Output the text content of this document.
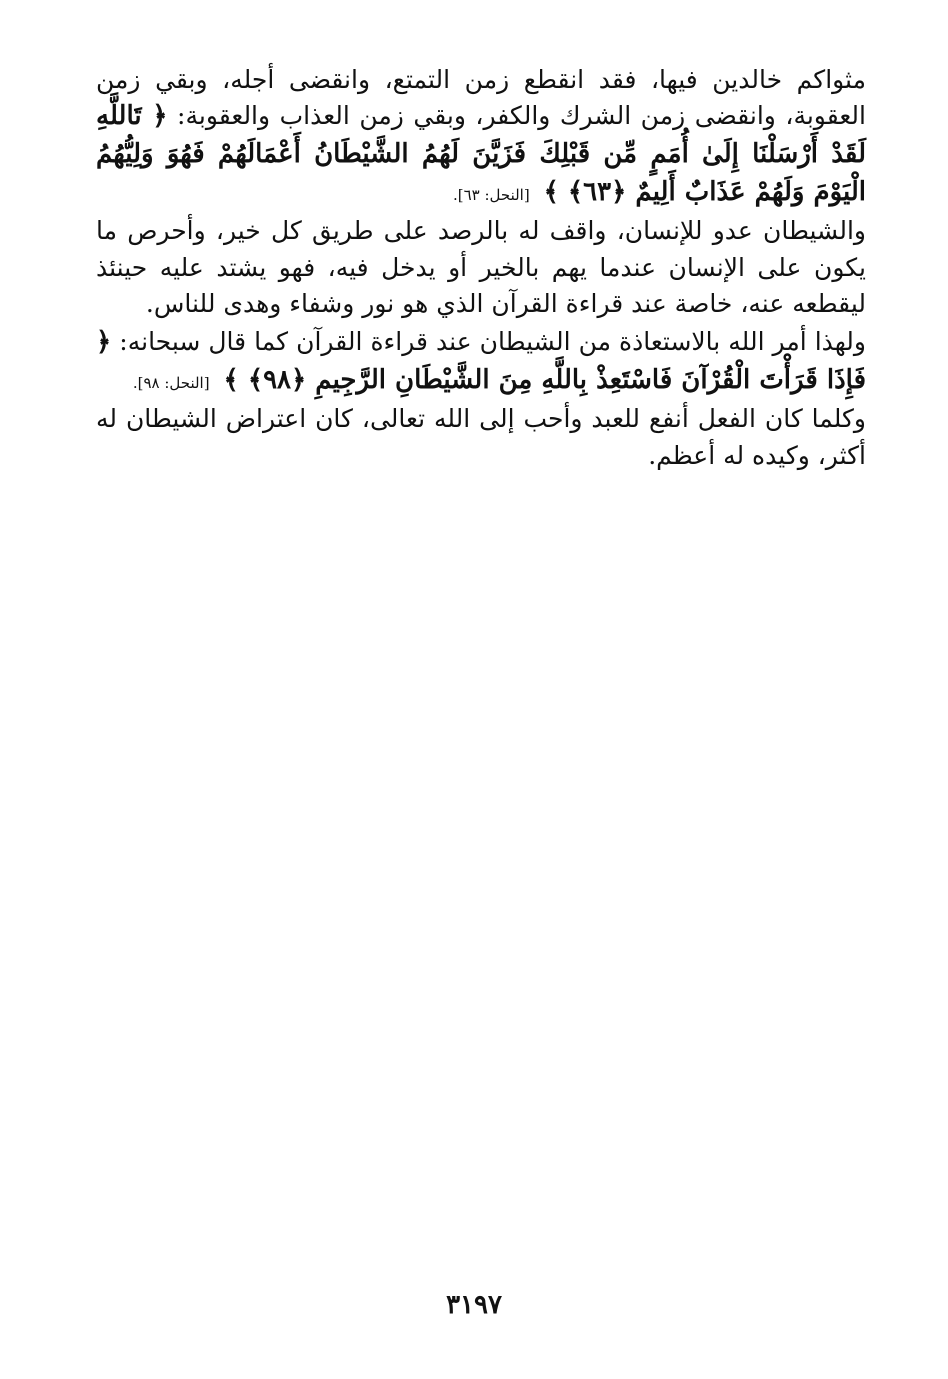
مثواكم خالدين فيها، فقد انقطع زمن التمتع، وانقضى أجله، وبقي زمن العقوبة، وانقضى زمن الشرك والكفر، وبقي زمن العذاب والعقوبة: ﴿ تَاللَّهِ لَقَدْ أَرْسَلْنَا إِلَىٰ أُمَمٍ مِّن قَبْلِكَ فَزَيَّنَ لَهُمُ الشَّيْطَانُ أَعْمَالَهُمْ فَهُوَ وَلِيُّهُمُ الْيَوْمَ وَلَهُمْ عَذَابٌ أَلِيمٌ ﴿٦٣﴾ ﴾ [النحل: ٦٣].

والشيطان عدو للإنسان، واقف له بالرصد على طريق كل خير، وأحرص ما يكون على الإنسان عندما يهم بالخير أو يدخل فيه، فهو يشتد عليه حينئذ ليقطعه عنه، خاصة عند قراءة القرآن الذي هو نور وشفاء وهدى للناس.

ولهذا أمر الله بالاستعاذة من الشيطان عند قراءة القرآن كما قال سبحانه: ﴿ فَإِذَا قَرَأْتَ الْقُرْآنَ فَاسْتَعِذْ بِاللَّهِ مِنَ الشَّيْطَانِ الرَّجِيمِ ﴿٩٨﴾ ﴾ [النحل: ٩٨].

وكلما كان الفعل أنفع للعبد وأحب إلى الله تعالى، كان اعتراض الشيطان له أكثر، وكيده له أعظم.

٣١٩٧
